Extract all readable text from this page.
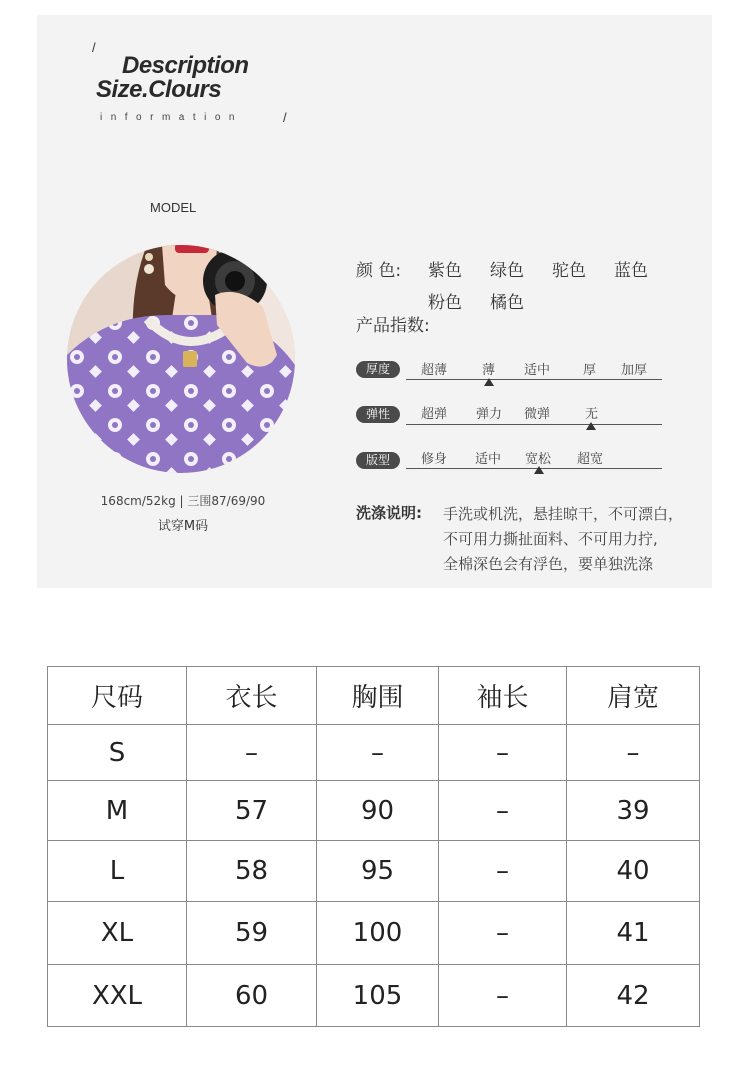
/
Description
Size.Clours
information	/
MODEL
168cm/52kg | 三围87/69/90
试穿M码
颜 色: 紫色 绿色 驼色 蓝色
粉色 橘色
产品指数:
厚度	超薄	薄 适中	厚 加厚
弹性	超弹 弹力 微弹	无
版型	修身 适中 宽松 超宽
洗涤说明: 手洗或机洗，悬挂晾干，不可漂白，
不可用力撕扯面料、不可用力拧,
全棉深色会有浮色，要单独洗涤
尺码	衣长	胸围	袖长	肩宽
S	–	–	–	–
M	57	90	–	39
L	58	95	–	40
XL	59	100	–	41
XXL	60	105	–	42
